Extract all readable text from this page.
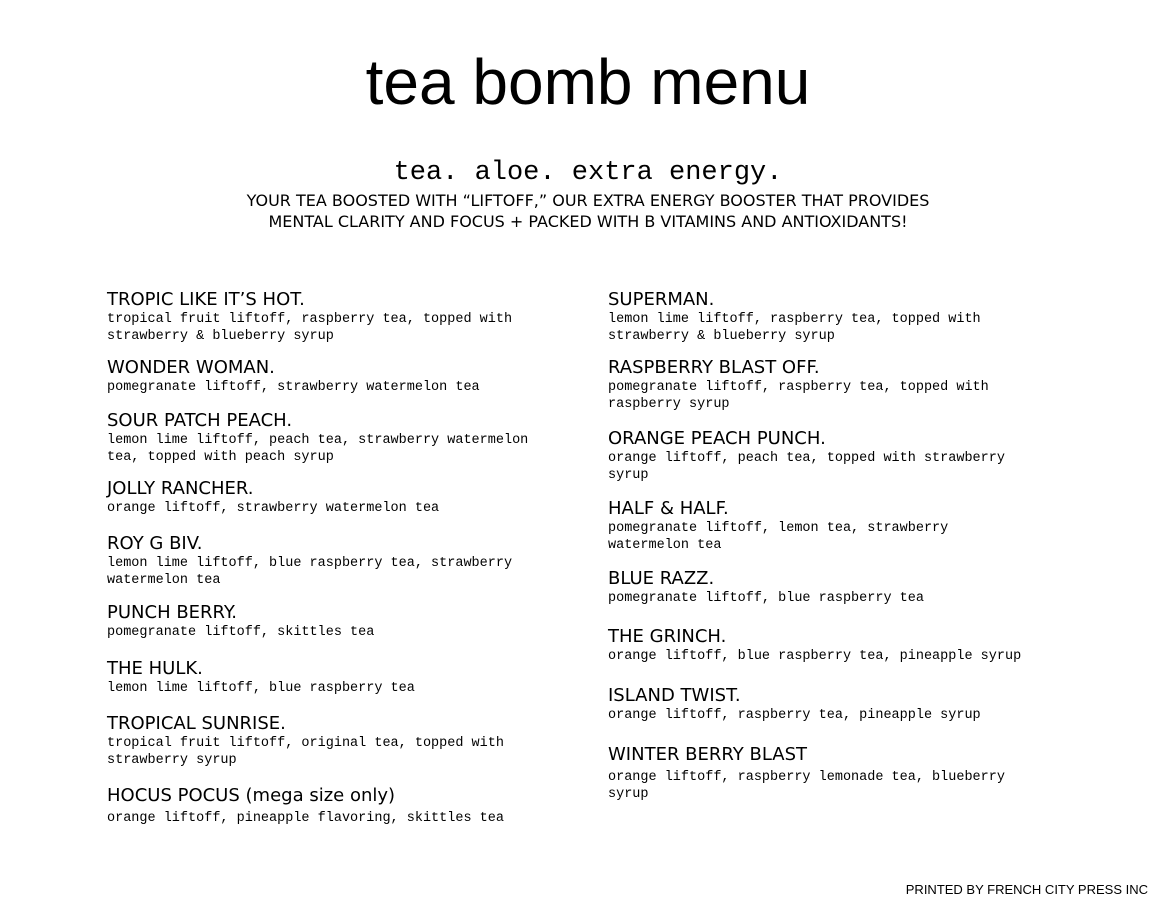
tea bomb menu
tea. aloe. extra energy.
YOUR TEA BOOSTED WITH “LIFTOFF,” OUR EXTRA ENERGY BOOSTER THAT PROVIDES
MENTAL CLARITY AND FOCUS + PACKED WITH B VITAMINS AND ANTIOXIDANTS!
TROPIC LIKE IT’S HOT.
tropical fruit liftoff, raspberry tea, topped with
strawberry & blueberry syrup
WONDER WOMAN.
pomegranate liftoff, strawberry watermelon tea
SOUR PATCH PEACH.
lemon lime liftoff, peach tea, strawberry watermelon
tea, topped with peach syrup
JOLLY RANCHER.
orange liftoff, strawberry watermelon tea
ROY G BIV.
lemon lime liftoff, blue raspberry tea, strawberry
watermelon tea
PUNCH BERRY.
pomegranate liftoff, skittles tea
THE HULK.
lemon lime liftoff, blue raspberry tea
TROPICAL SUNRISE.
tropical fruit liftoff, original tea, topped with
strawberry syrup
HOCUS POCUS (mega size only)
orange liftoff, pineapple flavoring, skittles tea
SUPERMAN.
lemon lime liftoff, raspberry tea, topped with
strawberry & blueberry syrup
RASPBERRY BLAST OFF.
pomegranate liftoff, raspberry tea, topped with
raspberry syrup
ORANGE PEACH PUNCH.
orange liftoff, peach tea, topped with strawberry
syrup
HALF & HALF.
pomegranate liftoff, lemon tea, strawberry
watermelon tea
BLUE RAZZ.
pomegranate liftoff, blue raspberry tea
THE GRINCH.
orange liftoff, blue raspberry tea, pineapple syrup
ISLAND TWIST.
orange liftoff, raspberry tea, pineapple syrup
WINTER BERRY BLAST
orange liftoff, raspberry lemonade tea, blueberry
syrup
PRINTED BY FRENCH CITY PRESS INC
